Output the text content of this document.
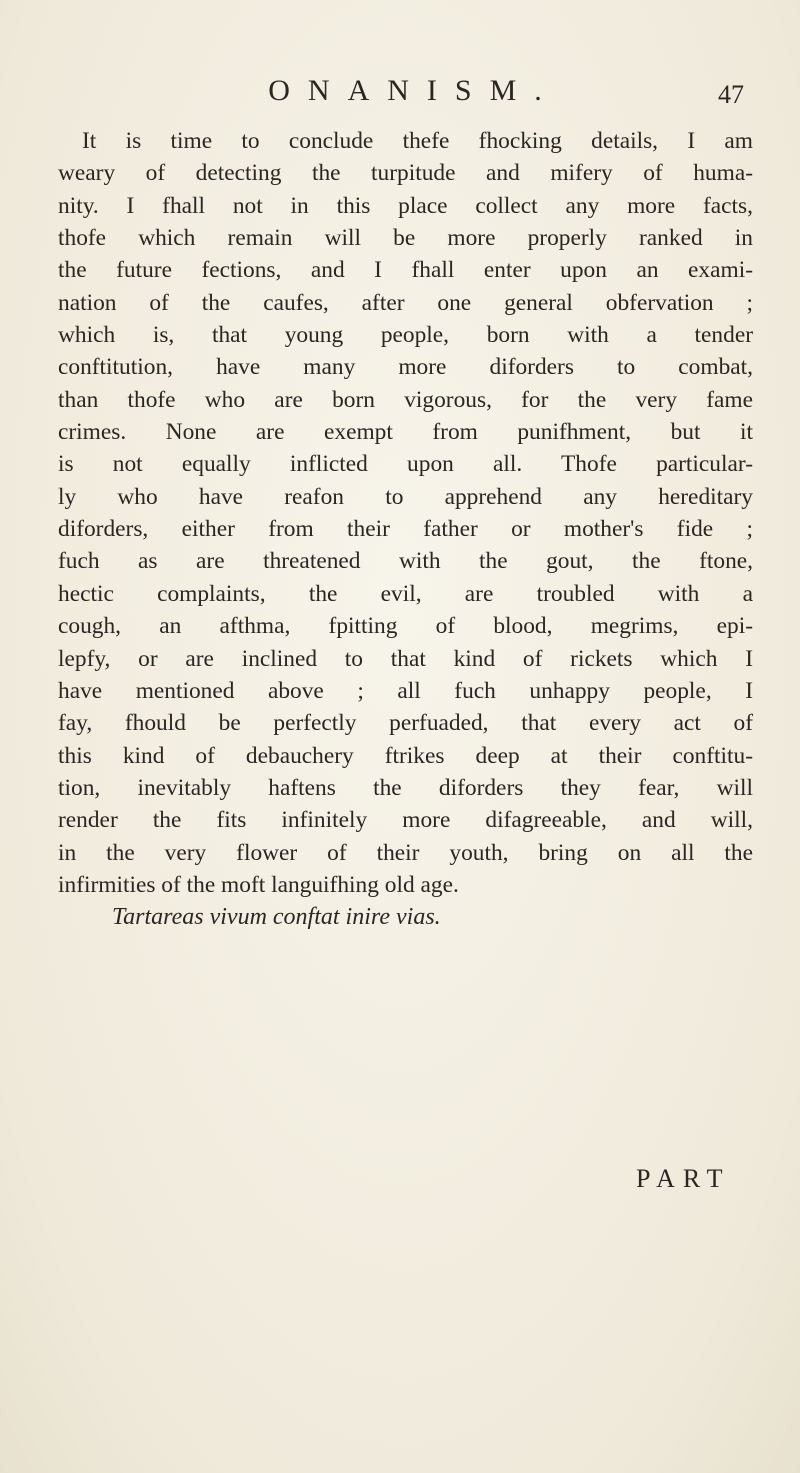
ONANISM.	47
It is time to conclude thefe fhocking details, I am
weary of detecting the turpitude and mifery of huma-
nity. I fhall not in this place collect any more facts,
thofe which remain will be more properly ranked in
the future fections, and I fhall enter upon an exami-
nation of the caufes, after one general obfervation ;
which is, that young people, born with a tender
conftitution, have many more diforders to combat,
than thofe who are born vigorous, for the very fame
crimes. None are exempt from punifhment, but it
is not equally inflicted upon all. Thofe particular-
ly who have reafon to apprehend any hereditary
diforders, either from their father or mother's fide ;
fuch as are threatened with the gout, the ftone,
hectic complaints, the evil, are troubled with a
cough, an afthma, fpitting of blood, megrims, epi-
lepfy, or are inclined to that kind of rickets which I
have mentioned above ; all fuch unhappy people, I
fay, fhould be perfectly perfuaded, that every act of
this kind of debauchery ftrikes deep at their conftitu-
tion, inevitably haftens the diforders they fear, will
render the fits infinitely more difagreeable, and will,
in the very flower of their youth, bring on all the
infirmities of the moft languifhing old age.
Tartareas vivum conftat inire vias.
PART
